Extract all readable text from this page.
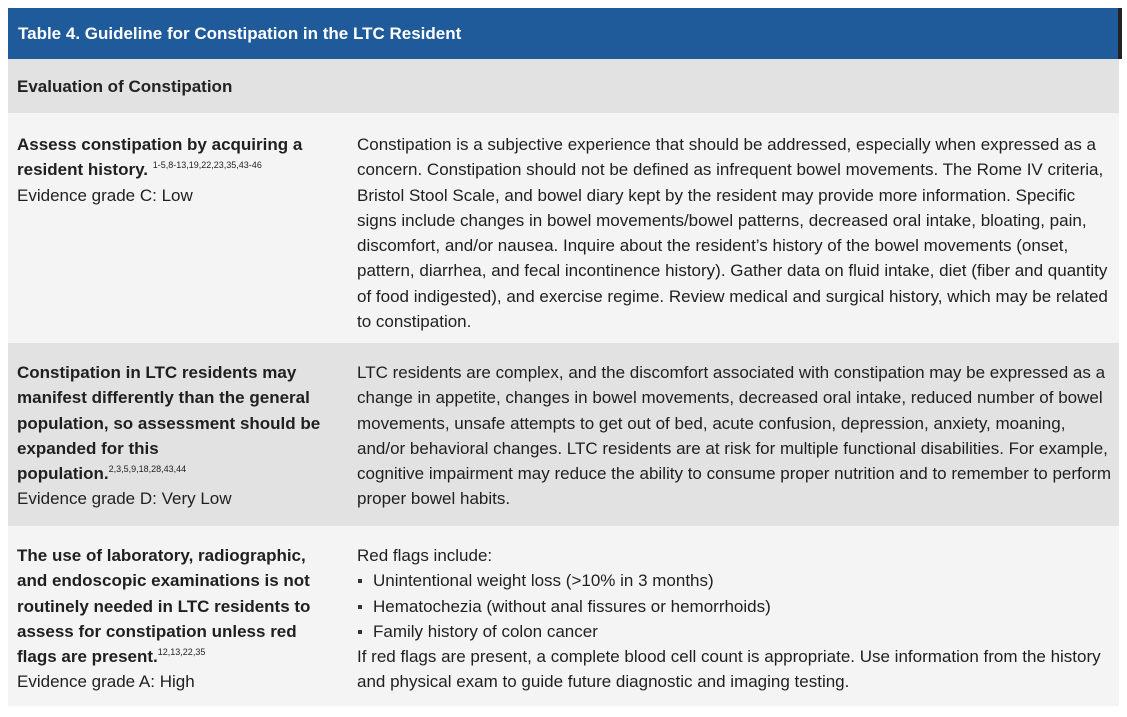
Table 4. Guideline for Constipation in the LTC Resident
Evaluation of Constipation
Assess constipation by acquiring a resident history. $^{1-5,8-13,19,22,23,35,43-46}$
Evidence grade C: Low
Constipation is a subjective experience that should be addressed, especially when expressed as a concern. Constipation should not be defined as infrequent bowel movements. The Rome IV criteria, Bristol Stool Scale, and bowel diary kept by the resident may provide more information. Specific signs include changes in bowel movements/bowel patterns, decreased oral intake, bloating, pain, discomfort, and/or nausea. Inquire about the resident’s history of the bowel movements (onset, pattern, diarrhea, and fecal incontinence history). Gather data on fluid intake, diet (fiber and quantity of food indigested), and exercise regime. Review medical and surgical history, which may be related to constipation.
Constipation in LTC residents may manifest differently than the general population, so assessment should be expanded for this population.$^{2,3,5,9,18,28,43,44}$
Evidence grade D: Very Low
LTC residents are complex, and the discomfort associated with constipation may be expressed as a change in appetite, changes in bowel movements, decreased oral intake, reduced number of bowel movements, unsafe attempts to get out of bed, acute confusion, depression, anxiety, moaning, and/or behavioral changes. LTC residents are at risk for multiple functional disabilities. For example, cognitive impairment may reduce the ability to consume proper nutrition and to remember to perform proper bowel habits.
The use of laboratory, radiographic, and endoscopic examinations is not routinely needed in LTC residents to assess for constipation unless red flags are present.$^{12,13,22,35}$
Evidence grade A: High
Red flags include:
Unintentional weight loss (>10% in 3 months)
Hematochezia (without anal fissures or hemorrhoids)
Family history of colon cancer
If red flags are present, a complete blood cell count is appropriate. Use information from the history and physical exam to guide future diagnostic and imaging testing.
